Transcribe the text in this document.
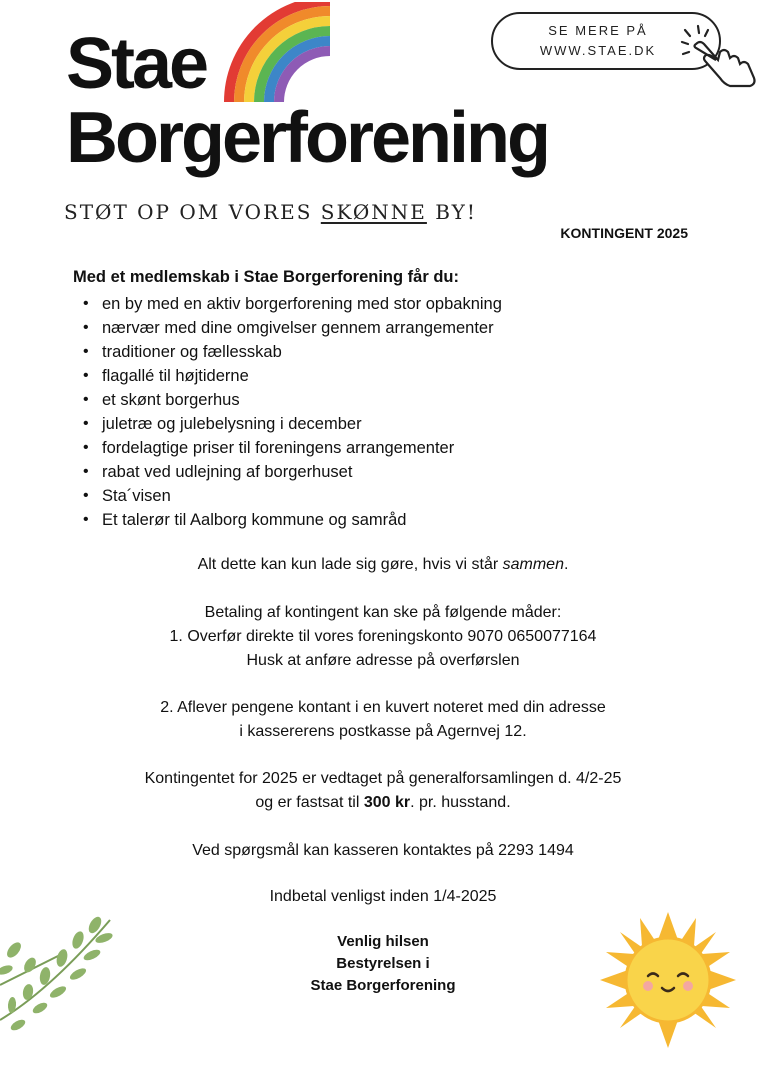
Stae
Borgerforening
STØT OP OM VORES SKØNNE BY!
SE MERE PÅ
WWW.STAE.DK
KONTINGENT 2025
Med et medlemskab i Stae Borgerforening får du:
• en by med en aktiv borgerforening med stor opbakning
• nærvær med dine omgivelser gennem arrangementer
• traditioner og fællesskab
• flagallé til højtiderne
• et skønt borgerhus
• juletræ og julebelysning i december
• fordelagtige priser til foreningens arrangementer
• rabat ved udlejning af borgerhuset
• Sta´visen
• Et talerør til Aalborg kommune og samråd
Alt dette kan kun lade sig gøre, hvis vi står sammen.
Betaling af kontingent kan ske på følgende måder:
1. Overfør direkte til vores foreningskonto 9070 0650077164
Husk at anføre adresse på overførslen
2. Aflever pengene kontant i en kuvert noteret med din adresse
i kassererens postkasse på Agernvej 12.
Kontingentet for 2025 er vedtaget på generalforsamlingen d. 4/2-25
og er fastsat til 300 kr. pr. husstand.
Ved spørgsmål kan kasseren kontaktes på 2293 1494
Indbetal venligst inden 1/4-2025
Venlig hilsen
Bestyrelsen i
Stae Borgerforening
